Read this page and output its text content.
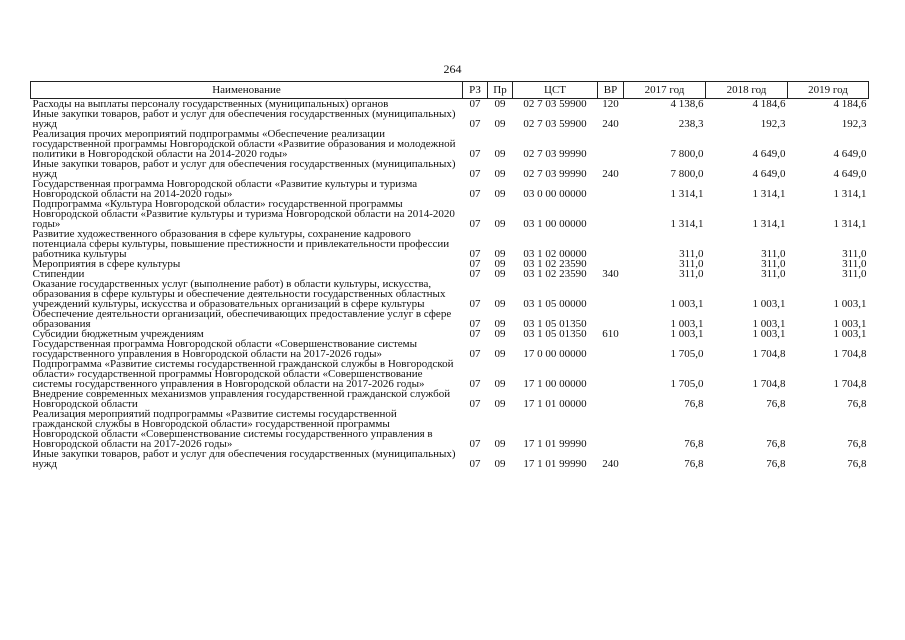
264
Наименование	РЗ	Пр	ЦСТ	ВР	2017 год	2018 год	2019 год
Расходы на выплаты персоналу государственных (муниципальных) органов	07	09	02 7 03 59900	120	4 138,6	4 184,6	4 184,6
Иные закупки товаров, работ и услуг для обеспечения государственных (муниципальных) нужд	07	09	02 7 03 59900	240	238,3	192,3	192,3
Реализация прочих мероприятий подпрограммы «Обеспечение реализации государственной программы Новгородской области «Развитие образования и молодежной политики в Новгородской области на 2014-2020 годы»	07	09	02 7 03 99990		7 800,0	4 649,0	4 649,0
Иные закупки товаров, работ и услуг для обеспечения государственных (муниципальных) нужд	07	09	02 7 03 99990	240	7 800,0	4 649,0	4 649,0
Государственная программа Новгородской области «Развитие культуры и туризма Новгородской области на 2014-2020 годы»	07	09	03 0 00 00000		1 314,1	1 314,1	1 314,1
Подпрограмма «Культура Новгородской области» государственной программы Новгородской области «Развитие культуры и туризма Новгородской области на 2014-2020 годы»	07	09	03 1 00 00000		1 314,1	1 314,1	1 314,1
Развитие художественного образования в сфере культуры, сохранение кадрового потенциала сферы культуры, повышение престижности и привлекательности профессии работника культуры	07	09	03 1 02 00000		311,0	311,0	311,0
Мероприятия в сфере культуры	07	09	03 1 02 23590		311,0	311,0	311,0
Стипендии	07	09	03 1 02 23590	340	311,0	311,0	311,0
Оказание государственных услуг (выполнение работ) в области культуры, искусства, образования в сфере культуры и обеспечение деятельности государственных областных учреждений культуры, искусства и образовательных организаций в сфере культуры	07	09	03 1 05 00000		1 003,1	1 003,1	1 003,1
Обеспечение деятельности организаций, обеспечивающих предоставление услуг в сфере образования	07	09	03 1 05 01350		1 003,1	1 003,1	1 003,1
Субсидии бюджетным учреждениям	07	09	03 1 05 01350	610	1 003,1	1 003,1	1 003,1
Государственная программа Новгородской области «Совершенствование системы государственного управления в Новгородской области на 2017-2026 годы»	07	09	17 0 00 00000		1 705,0	1 704,8	1 704,8
Подпрограмма «Развитие системы государственной гражданской службы в Новгородской области» государственной программы Новгородской области «Совершенствование системы государственного управления в Новгородской области на 2017-2026 годы»	07	09	17 1 00 00000		1 705,0	1 704,8	1 704,8
Внедрение современных механизмов управления государственной гражданской службой Новгородской области	07	09	17 1 01 00000		76,8	76,8	76,8
Реализация мероприятий подпрограммы «Развитие системы государственной гражданской службы в Новгородской области» государственной программы Новгородской области «Совершенствование системы государственного управления в Новгородской области на 2017-2026 годы»	07	09	17 1 01 99990		76,8	76,8	76,8
Иные закупки товаров, работ и услуг для обеспечения государственных (муниципальных) нужд	07	09	17 1 01 99990	240	76,8	76,8	76,8
